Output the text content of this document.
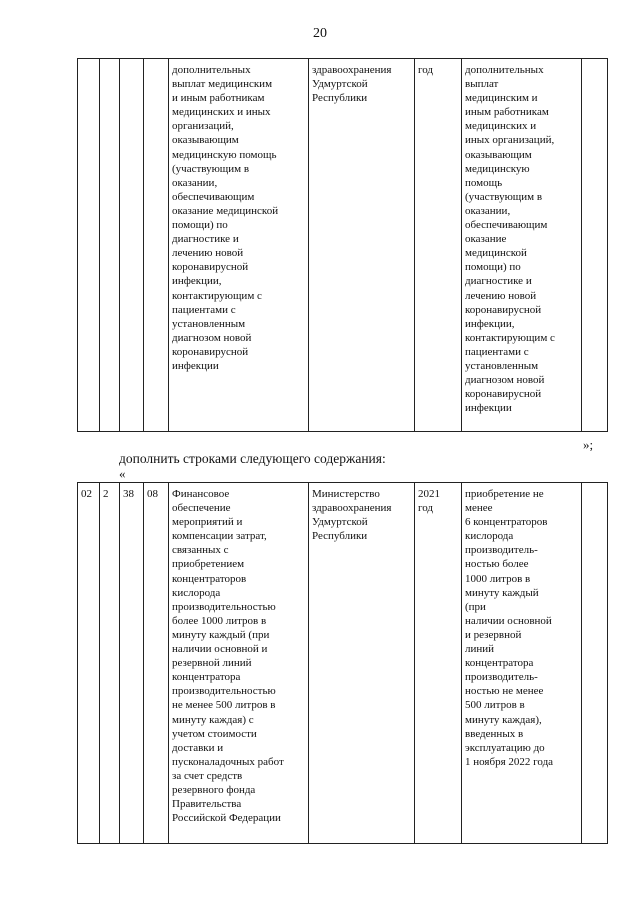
20
				дополнительных
выплат медицинским
и иным работникам
медицинских и иных
организаций,
оказывающим
медицинскую помощь
(участвующим в
оказании,
обеспечивающим
оказание медицинской
помощи) по
диагностике и
лечению новой
коронавирусной
инфекции,
контактирующим с
пациентами с
установленным
диагнозом новой
коронавирусной
инфекции	здравоохранения
Удмуртской
Республики	год	дополнительных
выплат
медицинским и
иным работникам
медицинских и
иных организаций,
оказывающим
медицинскую
помощь
(участвующим в
оказании,
обеспечивающим
оказание
медицинской
помощи) по
диагностике и
лечению новой
коронавирусной
инфекции,
контактирующим с
пациентами с
установленным
диагнозом новой
коронавирусной
инфекции	
»;
дополнить строками следующего содержания:
«
02	2	38	08	Финансовое
обеспечение
мероприятий и
компенсации затрат,
связанных с
приобретением
концентраторов
кислорода
производительностью
более 1000 литров в
минуту каждый (при
наличии основной и
резервной линий
концентратора
производительностью
не менее 500 литров в
минуту каждая) с
учетом стоимости
доставки и
пусконаладочных работ
за счет средств
резервного фонда
Правительства
Российской Федерации	Министерство
здравоохранения
Удмуртской
Республики	2021
год	приобретение не
менее
6 концентраторов
кислорода
производитель-
ностью более
1000 литров в
минуту каждый
(при
наличии основной
и резервной
линий
концентратора
производитель-
ностью не менее
500 литров в
минуту каждая),
введенных в
эксплуатацию до
1 ноября 2022 года	
